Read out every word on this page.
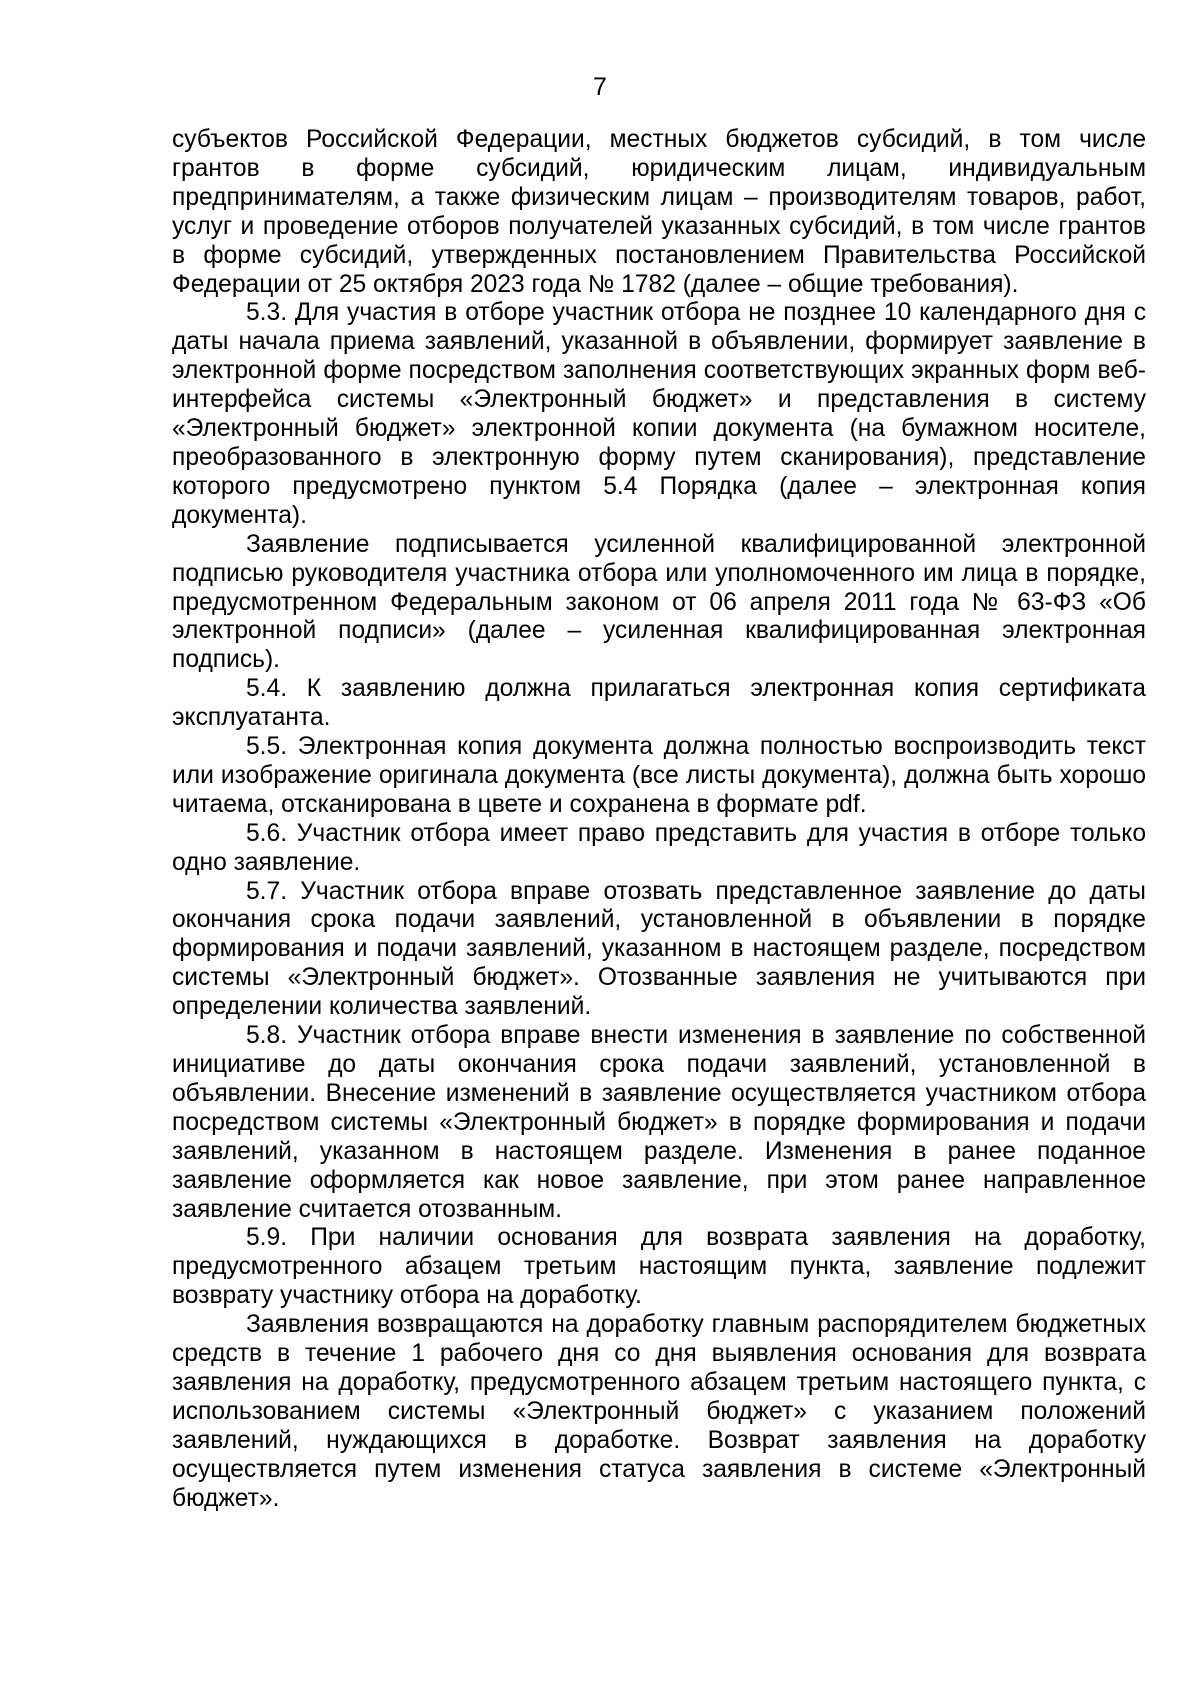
7

субъектов Российской Федерации, местных бюджетов субсидий, в том числе грантов в форме субсидий, юридическим лицам, индивидуальным предпринимателям, а также физическим лицам – производителям товаров, работ, услуг и проведение отборов получателей указанных субсидий, в том числе грантов в форме субсидий, утвержденных постановлением Правительства Российской Федерации от 25 октября 2023 года № 1782 (далее – общие требования).

5.3. Для участия в отборе участник отбора не позднее 10 календарного дня с даты начала приема заявлений, указанной в объявлении, формирует заявление в электронной форме посредством заполнения соответствующих экранных форм веб-интерфейса системы «Электронный бюджет» и представления в систему «Электронный бюджет» электронной копии документа (на бумажном носителе, преобразованного в электронную форму путем сканирования), представление которого предусмотрено пунктом 5.4 Порядка (далее – электронная копия документа).

Заявление подписывается усиленной квалифицированной электронной подписью руководителя участника отбора или уполномоченного им лица в порядке, предусмотренном Федеральным законом от 06 апреля 2011 года № 63-ФЗ «Об электронной подписи» (далее – усиленная квалифицированная электронная подпись).

5.4. К заявлению должна прилагаться электронная копия сертификата эксплуатанта.

5.5. Электронная копия документа должна полностью воспроизводить текст или изображение оригинала документа (все листы документа), должна быть хорошо читаема, отсканирована в цвете и сохранена в формате pdf.

5.6. Участник отбора имеет право представить для участия в отборе только одно заявление.

5.7. Участник отбора вправе отозвать представленное заявление до даты окончания срока подачи заявлений, установленной в объявлении в порядке формирования и подачи заявлений, указанном в настоящем разделе, посредством системы «Электронный бюджет». Отозванные заявления не учитываются при определении количества заявлений.

5.8. Участник отбора вправе внести изменения в заявление по собственной инициативе до даты окончания срока подачи заявлений, установленной в объявлении. Внесение изменений в заявление осуществляется участником отбора посредством системы «Электронный бюджет» в порядке формирования и подачи заявлений, указанном в настоящем разделе. Изменения в ранее поданное заявление оформляется как новое заявление, при этом ранее направленное заявление считается отозванным.

5.9. При наличии основания для возврата заявления на доработку, предусмотренного абзацем третьим настоящим пункта, заявление подлежит возврату участнику отбора на доработку.

Заявления возвращаются на доработку главным распорядителем бюджетных средств в течение 1 рабочего дня со дня выявления основания для возврата заявления на доработку, предусмотренного абзацем третьим настоящего пункта, с использованием системы «Электронный бюджет» с указанием положений заявлений, нуждающихся в доработке. Возврат заявления на доработку осуществляется путем изменения статуса заявления в системе «Электронный бюджет».
